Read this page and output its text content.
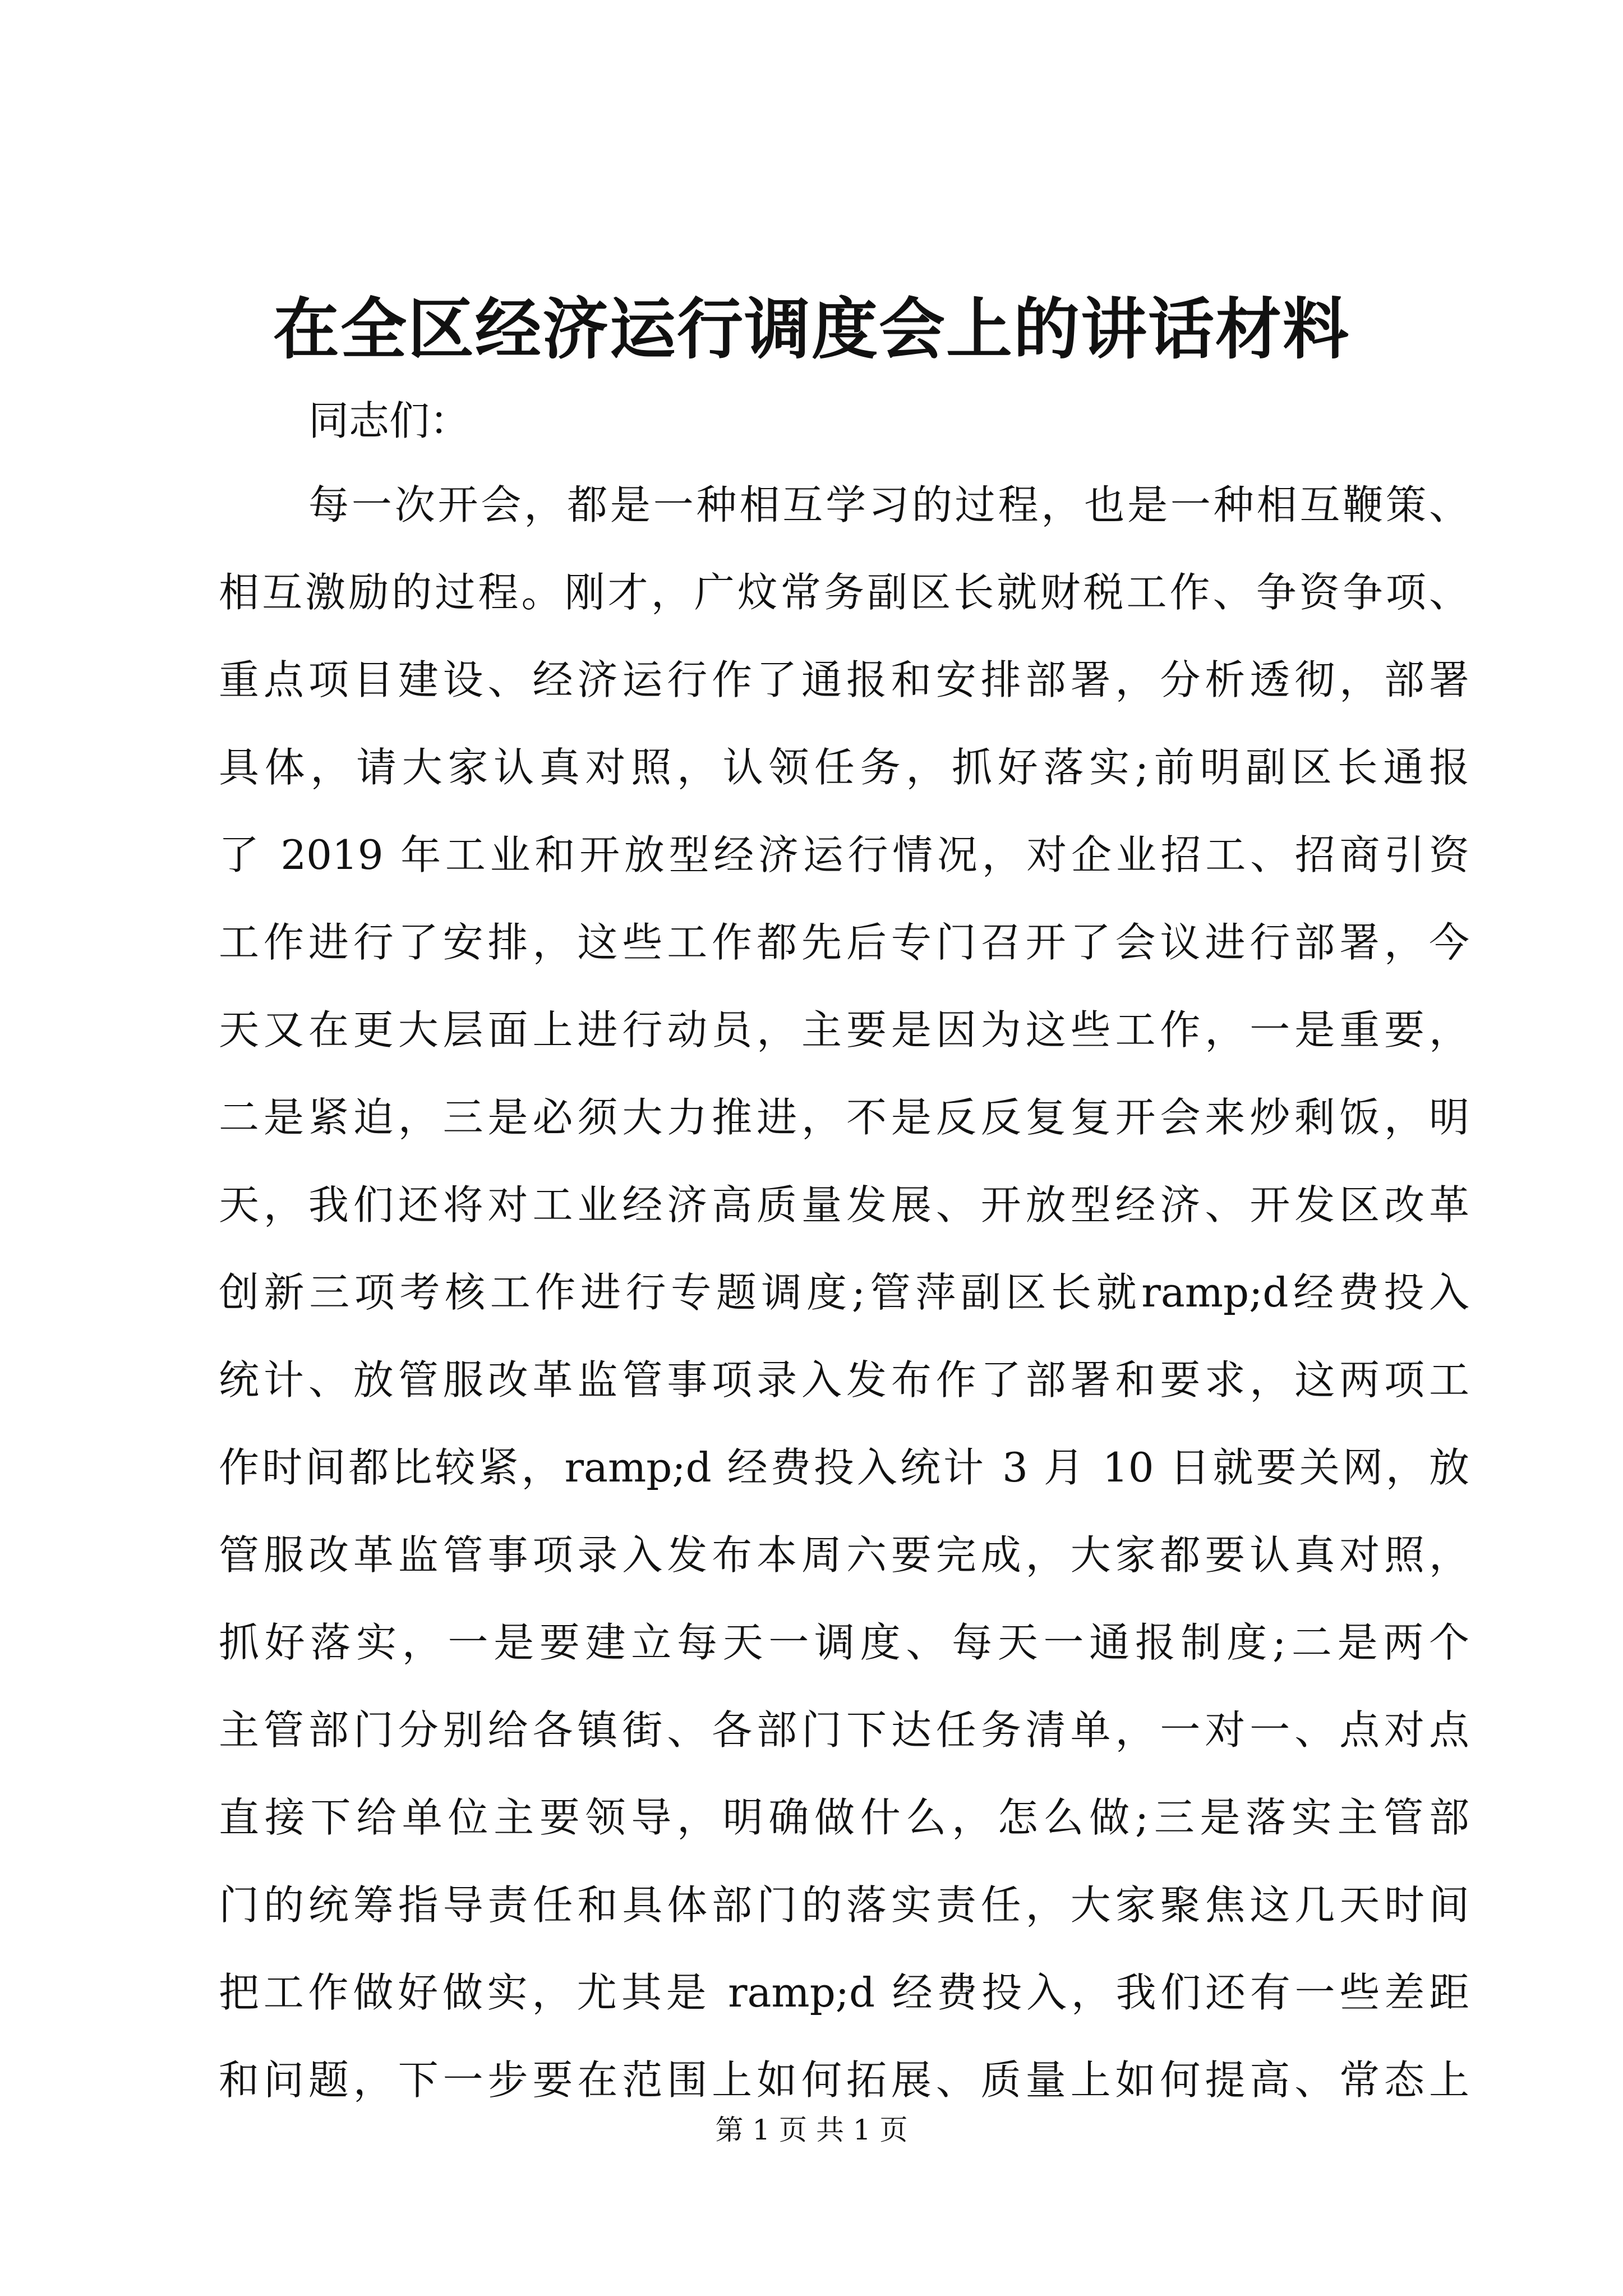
在全区经济运行调度会上的讲话材料
同志们：
每一次开会，都是一种相互学习的过程，也是一种相互鞭策、
相互激励的过程。刚才，广炆常务副区长就财税工作、争资争项、
重点项目建设、经济运行作了通报和安排部署，分析透彻，部署
具体，请大家认真对照，认领任务，抓好落实;前明副区长通报
了 2019 年工业和开放型经济运行情况，对企业招工、招商引资
工作进行了安排，这些工作都先后专门召开了会议进行部署，今
天又在更大层面上进行动员，主要是因为这些工作，一是重要，
二是紧迫，三是必须大力推进，不是反反复复开会来炒剩饭，明
天，我们还将对工业经济高质量发展、开放型经济、开发区改革
创新三项考核工作进行专题调度;管萍副区长就ramp;d经费投入
统计、放管服改革监管事项录入发布作了部署和要求，这两项工
作时间都比较紧，ramp;d 经费投入统计 3 月 10 日就要关网，放
管服改革监管事项录入发布本周六要完成，大家都要认真对照，
抓好落实，一是要建立每天一调度、每天一通报制度;二是两个
主管部门分别给各镇街、各部门下达任务清单，一对一、点对点
直接下给单位主要领导，明确做什么，怎么做;三是落实主管部
门的统筹指导责任和具体部门的落实责任，大家聚焦这几天时间
把工作做好做实，尤其是 ramp;d 经费投入，我们还有一些差距
和问题，下一步要在范围上如何拓展、质量上如何提高、常态上
第 1 页 共 1 页
